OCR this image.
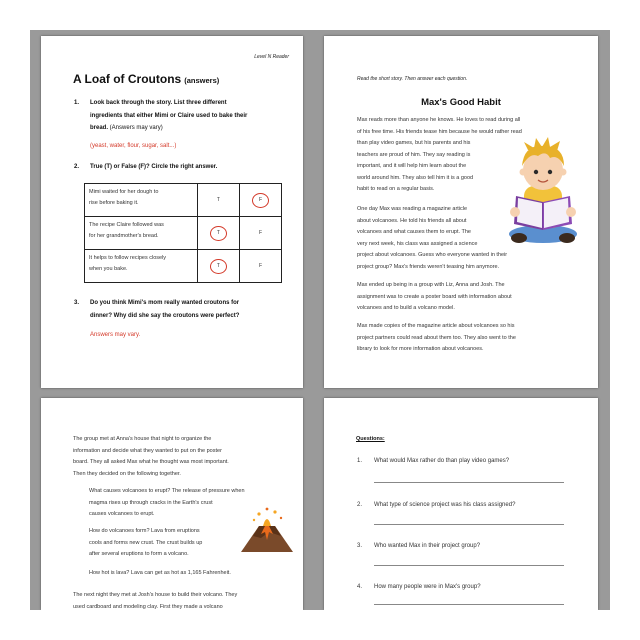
Level N Reader
A Loaf of Croutons (answers)
1. Look back through the story. List three different
ingredients that either Mimi or Claire used to bake their
bread. (Answers may vary)
(yeast, water, flour, sugar, salt...)
2. True (T) or False (F)? Circle the right answer.
Mimi waited for her dough to
rise before baking it.	T	F

The recipe Claire followed was
for her grandmother's bread.	T	F

It helps to follow recipes closely
when you bake.	T	F
3. Do you think Mimi's mom really wanted croutons for
dinner? Why did she say the croutons were perfect?
Answers may vary.
Read the short story. Then answer each question.
Max's Good Habit
Max reads more than anyone he knows. He loves to read during all
of his free time. His friends tease him because he would rather read
than play video games, but his parents and his
teachers are proud of him. They say reading is
important, and it will help him learn about the
world around him. They also tell him it is a good
habit to read on a regular basis.
One day Max was reading a magazine article
about volcanoes. He told his friends all about
volcanoes and what causes them to erupt. The
very next week, his class was assigned a science
project about volcanoes. Guess who everyone wanted in their
project group? Max's friends weren't teasing him anymore.
Max ended up being in a group with Liz, Anna and Josh. The
assignment was to create a poster board with information about
volcanoes and to build a volcano model.
Max made copies of the magazine article about volcanoes so his
project partners could read about them too. They also went to the
library to look for more information about volcanoes.
The group met at Anna's house that night to organize the
information and decide what they wanted to put on the poster
board. They all asked Max what he thought was most important.
Then they decided on the following together.
What causes volcanoes to erupt? The release of pressure when
magma rises up through cracks in the Earth's crust
causes volcanoes to erupt.
How do volcanoes form? Lava from eruptions
cools and forms new crust. The crust builds up
after several eruptions to form a volcano.
How hot is lava? Lava can get as hot as 1,165 Fahrenheit.
The next night they met at Josh's house to build their volcano. They
used cardboard and modeling clay. First they made a volcano
Questions:
1. What would Max rather do than play video games?
2. What type of science project was his class assigned?
3. Who wanted Max in their project group?
4. How many people were in Max's group?
